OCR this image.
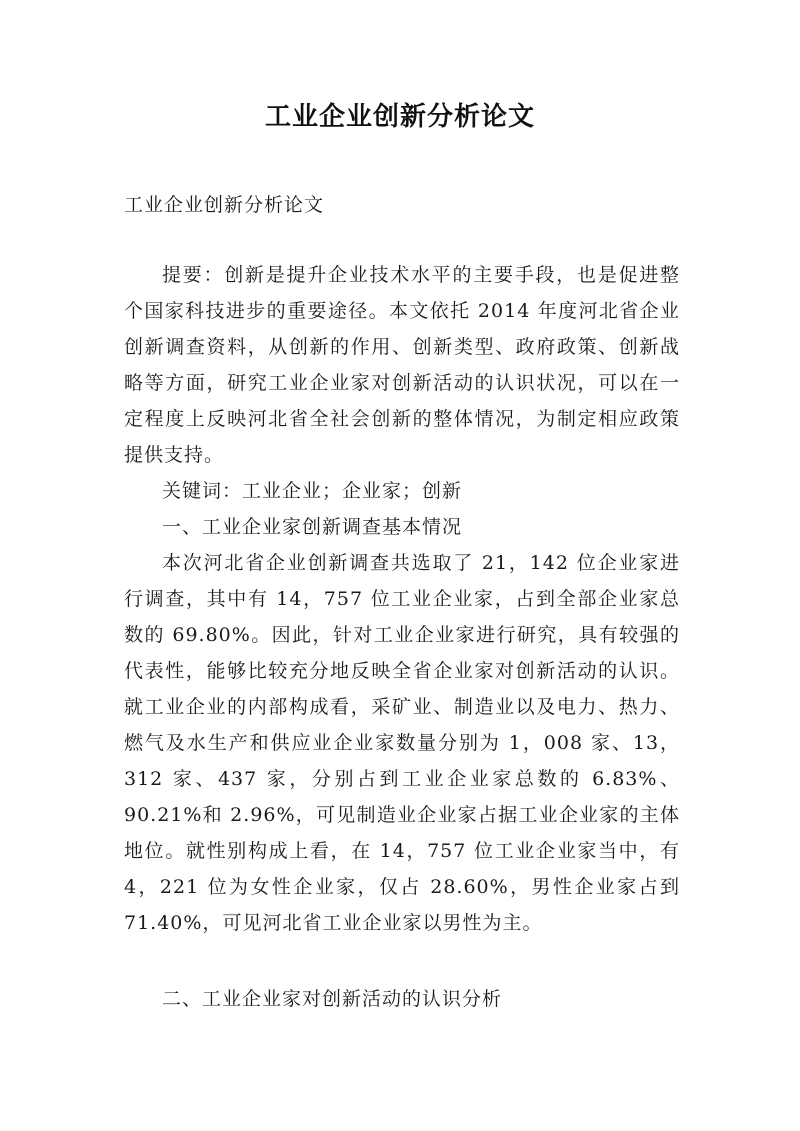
工业企业创新分析论文
工业企业创新分析论文

提要：创新是提升企业技术水平的主要手段，也是促进整个国家科技进步的重要途径。本文依托 2014 年度河北省企业创新调查资料，从创新的作用、创新类型、政府政策、创新战略等方面，研究工业企业家对创新活动的认识状况，可以在一定程度上反映河北省全社会创新的整体情况，为制定相应政策提供支持。

关键词：工业企业；企业家；创新

一、工业企业家创新调查基本情况

本次河北省企业创新调查共选取了 21，142 位企业家进行调查，其中有 14，757 位工业企业家，占到全部企业家总数的 69.80%。因此，针对工业企业家进行研究，具有较强的代表性，能够比较充分地反映全省企业家对创新活动的认识。就工业企业的内部构成看，采矿业、制造业以及电力、热力、燃气及水生产和供应业企业家数量分别为 1，008 家、13，312 家、437 家，分别占到工业企业家总数的 6.83%、90.21%和 2.96%，可见制造业企业家占据工业企业家的主体地位。就性别构成上看，在 14，757 位工业企业家当中，有 4，221 位为女性企业家，仅占 28.60%，男性企业家占到 71.40%，可见河北省工业企业家以男性为主。

二、工业企业家对创新活动的认识分析
